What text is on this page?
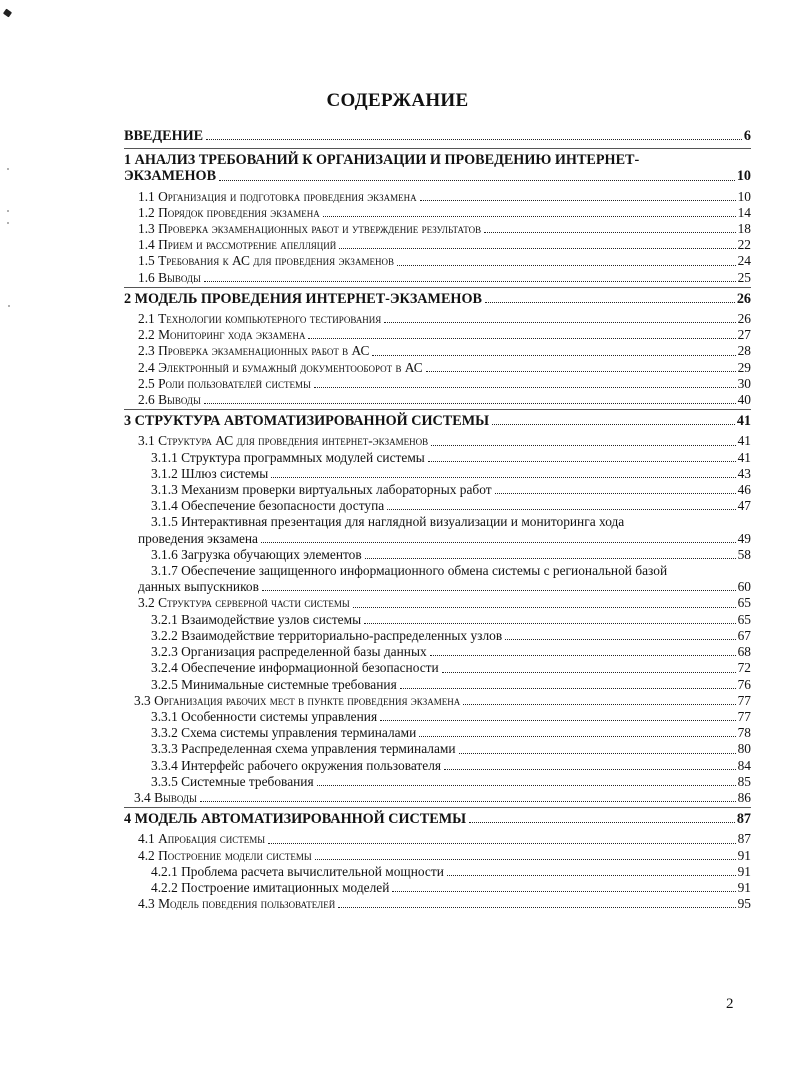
СОДЕРЖАНИЕ
ВВЕДЕНИЕ	6
1 АНАЛИЗ ТРЕБОВАНИЙ К ОРГАНИЗАЦИИ И ПРОВЕДЕНИЮ ИНТЕРНЕТ-
ЭКЗАМЕНОВ	10
1.1 Организация и подготовка проведения экзамена	10
1.2 Порядок проведения экзамена	14
1.3 Проверка экзаменационных работ и утверждение результатов	18
1.4 Прием и рассмотрение апелляций	22
1.5 Требования к АС для проведения экзаменов	24
1.6 Выводы	25
2 МОДЕЛЬ ПРОВЕДЕНИЯ ИНТЕРНЕТ-ЭКЗАМЕНОВ	26
2.1 Технологии компьютерного тестирования	26
2.2 Мониторинг хода экзамена	27
2.3 Проверка экзаменационных работ в АС	28
2.4 Электронный и бумажный документооборот в АС	29
2.5 Роли пользователей системы	30
2.6 Выводы	40
3 СТРУКТУРА АВТОМАТИЗИРОВАННОЙ СИСТЕМЫ	41
3.1 Структура АС для проведения интернет-экзаменов	41
3.1.1 Структура программных модулей системы	41
3.1.2 Шлюз системы	43
3.1.3 Механизм проверки виртуальных лабораторных работ	46
3.1.4 Обеспечение безопасности доступа	47
3.1.5 Интерактивная презентация для наглядной визуализации и мониторинга хода
проведения экзамена	49
3.1.6 Загрузка обучающих элементов	58
3.1.7 Обеспечение защищенного информационного обмена системы с региональной базой
данных выпускников	60
3.2 Структура серверной части системы	65
3.2.1 Взаимодействие узлов системы	65
3.2.2 Взаимодействие территориально-распределенных узлов	67
3.2.3 Организация распределенной базы данных	68
3.2.4 Обеспечение информационной безопасности	72
3.2.5 Минимальные системные требования	76
3.3 Организация рабочих мест в пункте проведения экзамена	77
3.3.1 Особенности системы управления	77
3.3.2 Схема системы управления терминалами	78
3.3.3 Распределенная схема управления терминалами	80
3.3.4 Интерфейс рабочего окружения пользователя	84
3.3.5 Системные требования	85
3.4 Выводы	86
4 МОДЕЛЬ АВТОМАТИЗИРОВАННОЙ СИСТЕМЫ	87
4.1 Апробация системы	87
4.2 Построение модели системы	91
4.2.1 Проблема расчета вычислительной мощности	91
4.2.2 Построение имитационных моделей	91
4.3 Модель поведения пользователей	95
2
